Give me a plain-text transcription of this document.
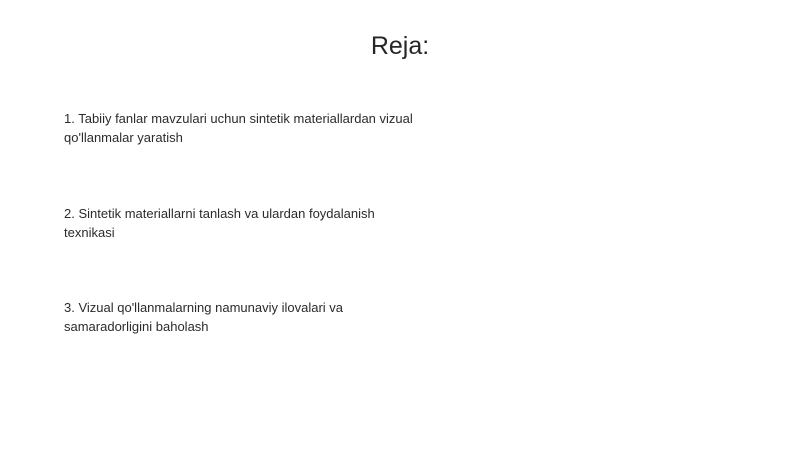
Reja:
1. Tabiiy fanlar mavzulari uchun sintetik materiallardan vizual qo'llanmalar yaratish
2. Sintetik materiallarni tanlash va ulardan foydalanish texnikasi
3. Vizual qo'llanmalarning namunaviy ilovalari va samaradorligini baholash
